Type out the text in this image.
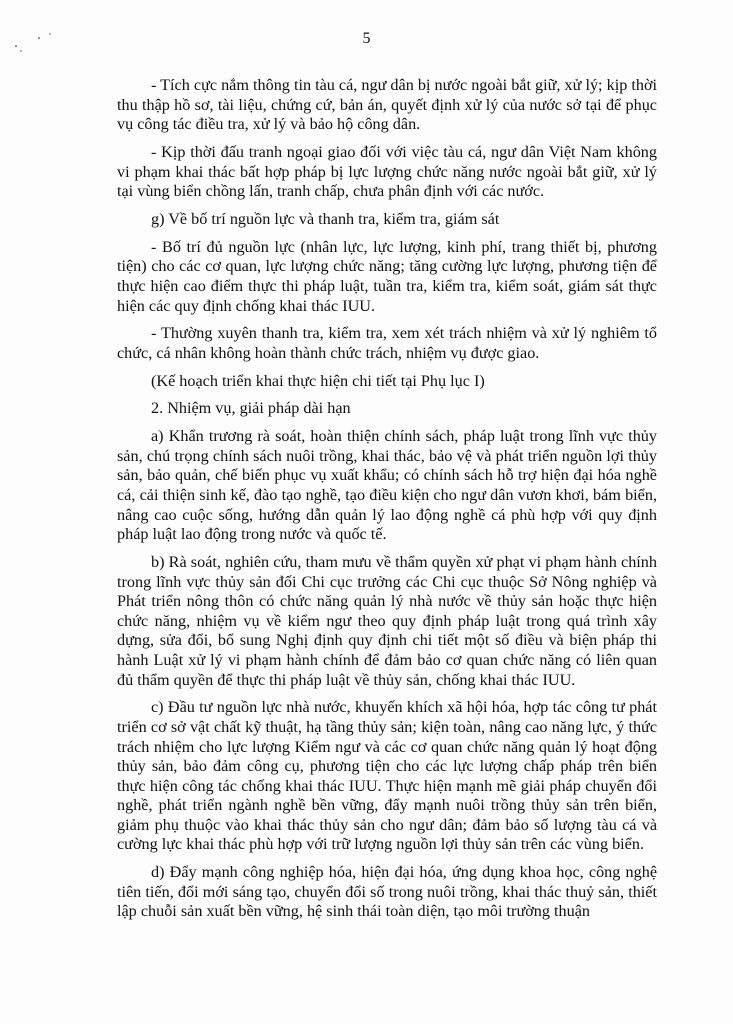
5

- Tích cực nắm thông tin tàu cá, ngư dân bị nước ngoài bắt giữ, xử lý; kịp thời thu thập hồ sơ, tài liệu, chứng cứ, bản án, quyết định xử lý của nước sở tại để phục vụ công tác điều tra, xử lý và bảo hộ công dân.

- Kịp thời đấu tranh ngoại giao đối với việc tàu cá, ngư dân Việt Nam không vi phạm khai thác bất hợp pháp bị lực lượng chức năng nước ngoài bắt giữ, xử lý tại vùng biển chồng lấn, tranh chấp, chưa phân định với các nước.

g) Về bố trí nguồn lực và thanh tra, kiểm tra, giám sát

- Bố trí đủ nguồn lực (nhân lực, lực lượng, kinh phí, trang thiết bị, phương tiện) cho các cơ quan, lực lượng chức năng; tăng cường lực lượng, phương tiện để thực hiện cao điểm thực thi pháp luật, tuần tra, kiểm tra, kiểm soát, giám sát thực hiện các quy định chống khai thác IUU.

- Thường xuyên thanh tra, kiểm tra, xem xét trách nhiệm và xử lý nghiêm tổ chức, cá nhân không hoàn thành chức trách, nhiệm vụ được giao.

(Kế hoạch triển khai thực hiện chi tiết tại Phụ lục I)

2. Nhiệm vụ, giải pháp dài hạn

a) Khẩn trương rà soát, hoàn thiện chính sách, pháp luật trong lĩnh vực thủy sản, chú trọng chính sách nuôi trồng, khai thác, bảo vệ và phát triển nguồn lợi thủy sản, bảo quản, chế biến phục vụ xuất khẩu; có chính sách hỗ trợ hiện đại hóa nghề cá, cải thiện sinh kế, đào tạo nghề, tạo điều kiện cho ngư dân vươn khơi, bám biển, nâng cao cuộc sống, hướng dẫn quản lý lao động nghề cá phù hợp với quy định pháp luật lao động trong nước và quốc tế.

b) Rà soát, nghiên cứu, tham mưu về thẩm quyền xử phạt vi phạm hành chính trong lĩnh vực thủy sản đối Chi cục trưởng các Chi cục thuộc Sở Nông nghiệp và Phát triển nông thôn có chức năng quản lý nhà nước về thủy sản hoặc thực hiện chức năng, nhiệm vụ về kiểm ngư theo quy định pháp luật trong quá trình xây dựng, sửa đổi, bổ sung Nghị định quy định chi tiết một số điều và biện pháp thi hành Luật xử lý vi phạm hành chính để đảm bảo cơ quan chức năng có liên quan đủ thẩm quyền để thực thi pháp luật về thủy sản, chống khai thác IUU.

c) Đầu tư nguồn lực nhà nước, khuyến khích xã hội hóa, hợp tác công tư phát triển cơ sở vật chất kỹ thuật, hạ tầng thủy sản; kiện toàn, nâng cao năng lực, ý thức trách nhiệm cho lực lượng Kiểm ngư và các cơ quan chức năng quản lý hoạt động thủy sản, bảo đảm công cụ, phương tiện cho các lực lượng chấp pháp trên biển thực hiện công tác chống khai thác IUU. Thực hiện mạnh mẽ giải pháp chuyển đổi nghề, phát triển ngành nghề bền vững, đẩy mạnh nuôi trồng thủy sản trên biển, giảm phụ thuộc vào khai thác thủy sản cho ngư dân; đảm bảo số lượng tàu cá và cường lực khai thác phù hợp với trữ lượng nguồn lợi thủy sản trên các vùng biển.

d) Đẩy mạnh công nghiệp hóa, hiện đại hóa, ứng dụng khoa học, công nghệ tiên tiến, đổi mới sáng tạo, chuyển đổi số trong nuôi trồng, khai thác thuỷ sản, thiết lập chuỗi sản xuất bền vững, hệ sinh thái toàn diện, tạo môi trường thuận
